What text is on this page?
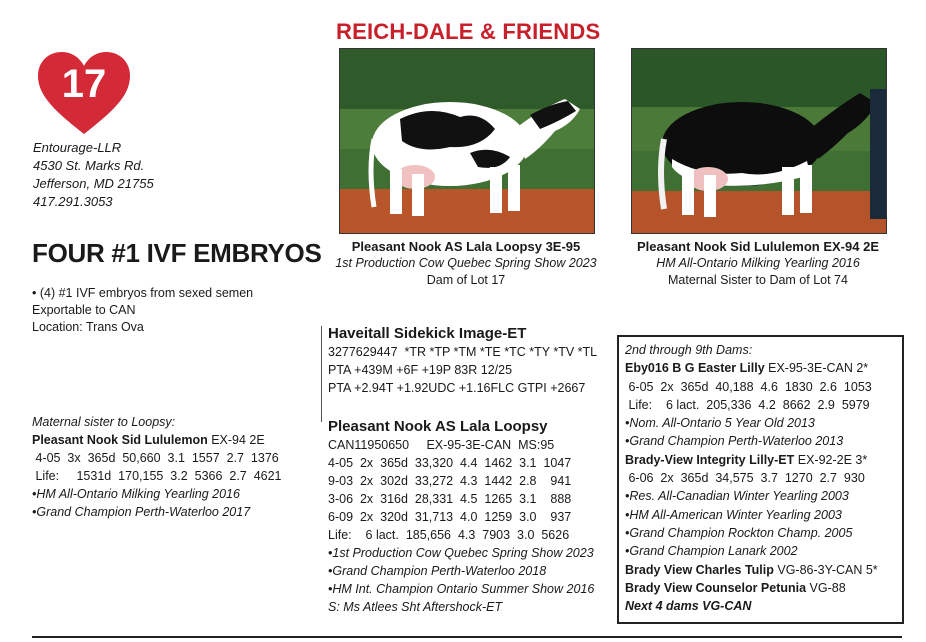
17
Entourage-LLR
4530 St. Marks Rd.
Jefferson, MD 21755
417.291.3053
FOUR #1 IVF EMBRYOS
• (4) #1 IVF embryos from sexed semen
Exportable to CAN
Location: Trans Ova
REICH-DALE & FRIENDS
Pleasant Nook AS Lala Loopsy 3E-95
1st Production Cow Quebec Spring Show 2023
Dam of Lot 17
Pleasant Nook Sid Lululemon EX-94 2E
HM All-Ontario Milking Yearling 2016
Maternal Sister to Dam of Lot 74
Haveitall Sidekick Image-ET
3277629447  *TR *TP *TM *TE *TC *TY *TV *TL
PTA +439M +6F +19P 83R 12/25
PTA +2.94T +1.92UDC +1.16FLC GTPI +2667
Pleasant Nook AS Lala Loopsy
CAN11950650     EX-95-3E-CAN  MS:95
4-05  2x  365d  33,320  4.4  1462  3.1  1047
9-03  2x  302d  33,272  4.3  1442  2.8    941
3-06  2x  316d  28,331  4.5  1265  3.1    888
6-09  2x  320d  31,713  4.0  1259  3.0    937
Life:    6 lact.  185,656  4.3  7903  3.0  5626
•1st Production Cow Quebec Spring Show 2023
•Grand Champion Perth-Waterloo 2018
•HM Int. Champion Ontario Summer Show 2016
S: Ms Atlees Sht Aftershock-ET
Maternal sister to Loopsy:
Pleasant Nook Sid Lululemon EX-94 2E
4-05  3x  365d  50,660  3.1  1557  2.7  1376
Life:     1531d  170,155  3.2  5366  2.7  4621
•HM All-Ontario Milking Yearling 2016
•Grand Champion Perth-Waterloo 2017
2nd through 9th Dams:
Eby016 B G Easter Lilly EX-95-3E-CAN 2*
6-05  2x  365d  40,188  4.6  1830  2.6  1053
Life:    6 lact.  205,336  4.2  8662  2.9  5979
•Nom. All-Ontario 5 Year Old 2013
•Grand Champion Perth-Waterloo 2013
Brady-View Integrity Lilly-ET EX-92-2E 3*
6-06  2x  365d  34,575  3.7  1270  2.7  930
•Res. All-Canadian Winter Yearling 2003
•HM All-American Winter Yearling 2003
•Grand Champion Rockton Champ. 2005
•Grand Champion Lanark 2002
Brady View Charles Tulip VG-86-3Y-CAN 5*
Brady View Counselor Petunia VG-88
Next 4 dams VG-CAN
